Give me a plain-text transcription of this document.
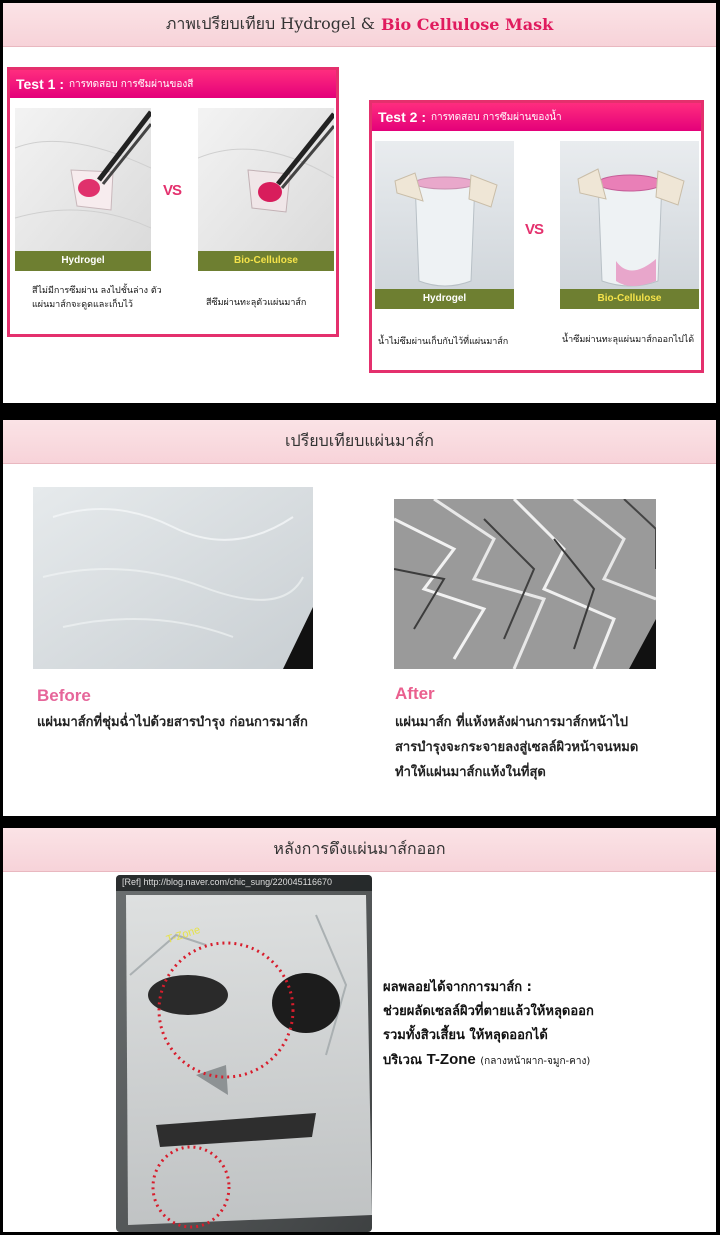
ภาพเปรียบเทียบ Hydrogel & Bio Cellulose Mask
Test 1 : การทดสอบ การซึมผ่านของสี
Hydrogel
VS
Bio-Cellulose
สีไม่มีการซึมผ่าน ลงไปชั้นล่าง ตัวแผ่นมาส์กจะดูดและเก็บไว้	สีซึมผ่านทะลุตัวแผ่นมาส์ก
Test 2 : การทดสอบ การซึมผ่านของน้ำ
Hydrogel
VS
Bio-Cellulose
น้ำไม่ซึมผ่านเก็บกับไว้ที่แผ่นมาส์ก	น้ำซึมผ่านทะลุแผ่นมาส์กออกไปได้
เปรียบเทียบแผ่นมาส์ก
Before
แผ่นมาส์กที่ชุ่มฉ่ำไปด้วยสารบำรุง ก่อนการมาส์ก
After
แผ่นมาส์ก ที่แห้งหลังผ่านการมาส์กหน้าไป
สารบำรุงจะกระจายลงสู่เซลล์ผิวหน้าจนหมด
ทำให้แผ่นมาส์กแห้งในที่สุด
หลังการดึงแผ่นมาส์กออก
[Ref] http://blog.naver.com/chic_sung/220045116670
T-Zone
ผลพลอยได้จากการมาส์ก :
ช่วยผลัดเซลล์ผิวที่ตายแล้วให้หลุดออก
รวมทั้งสิวเสี้ยน ให้หลุดออกได้
บริเวณ T-Zone (กลางหน้าผาก-จมูก-คาง)
